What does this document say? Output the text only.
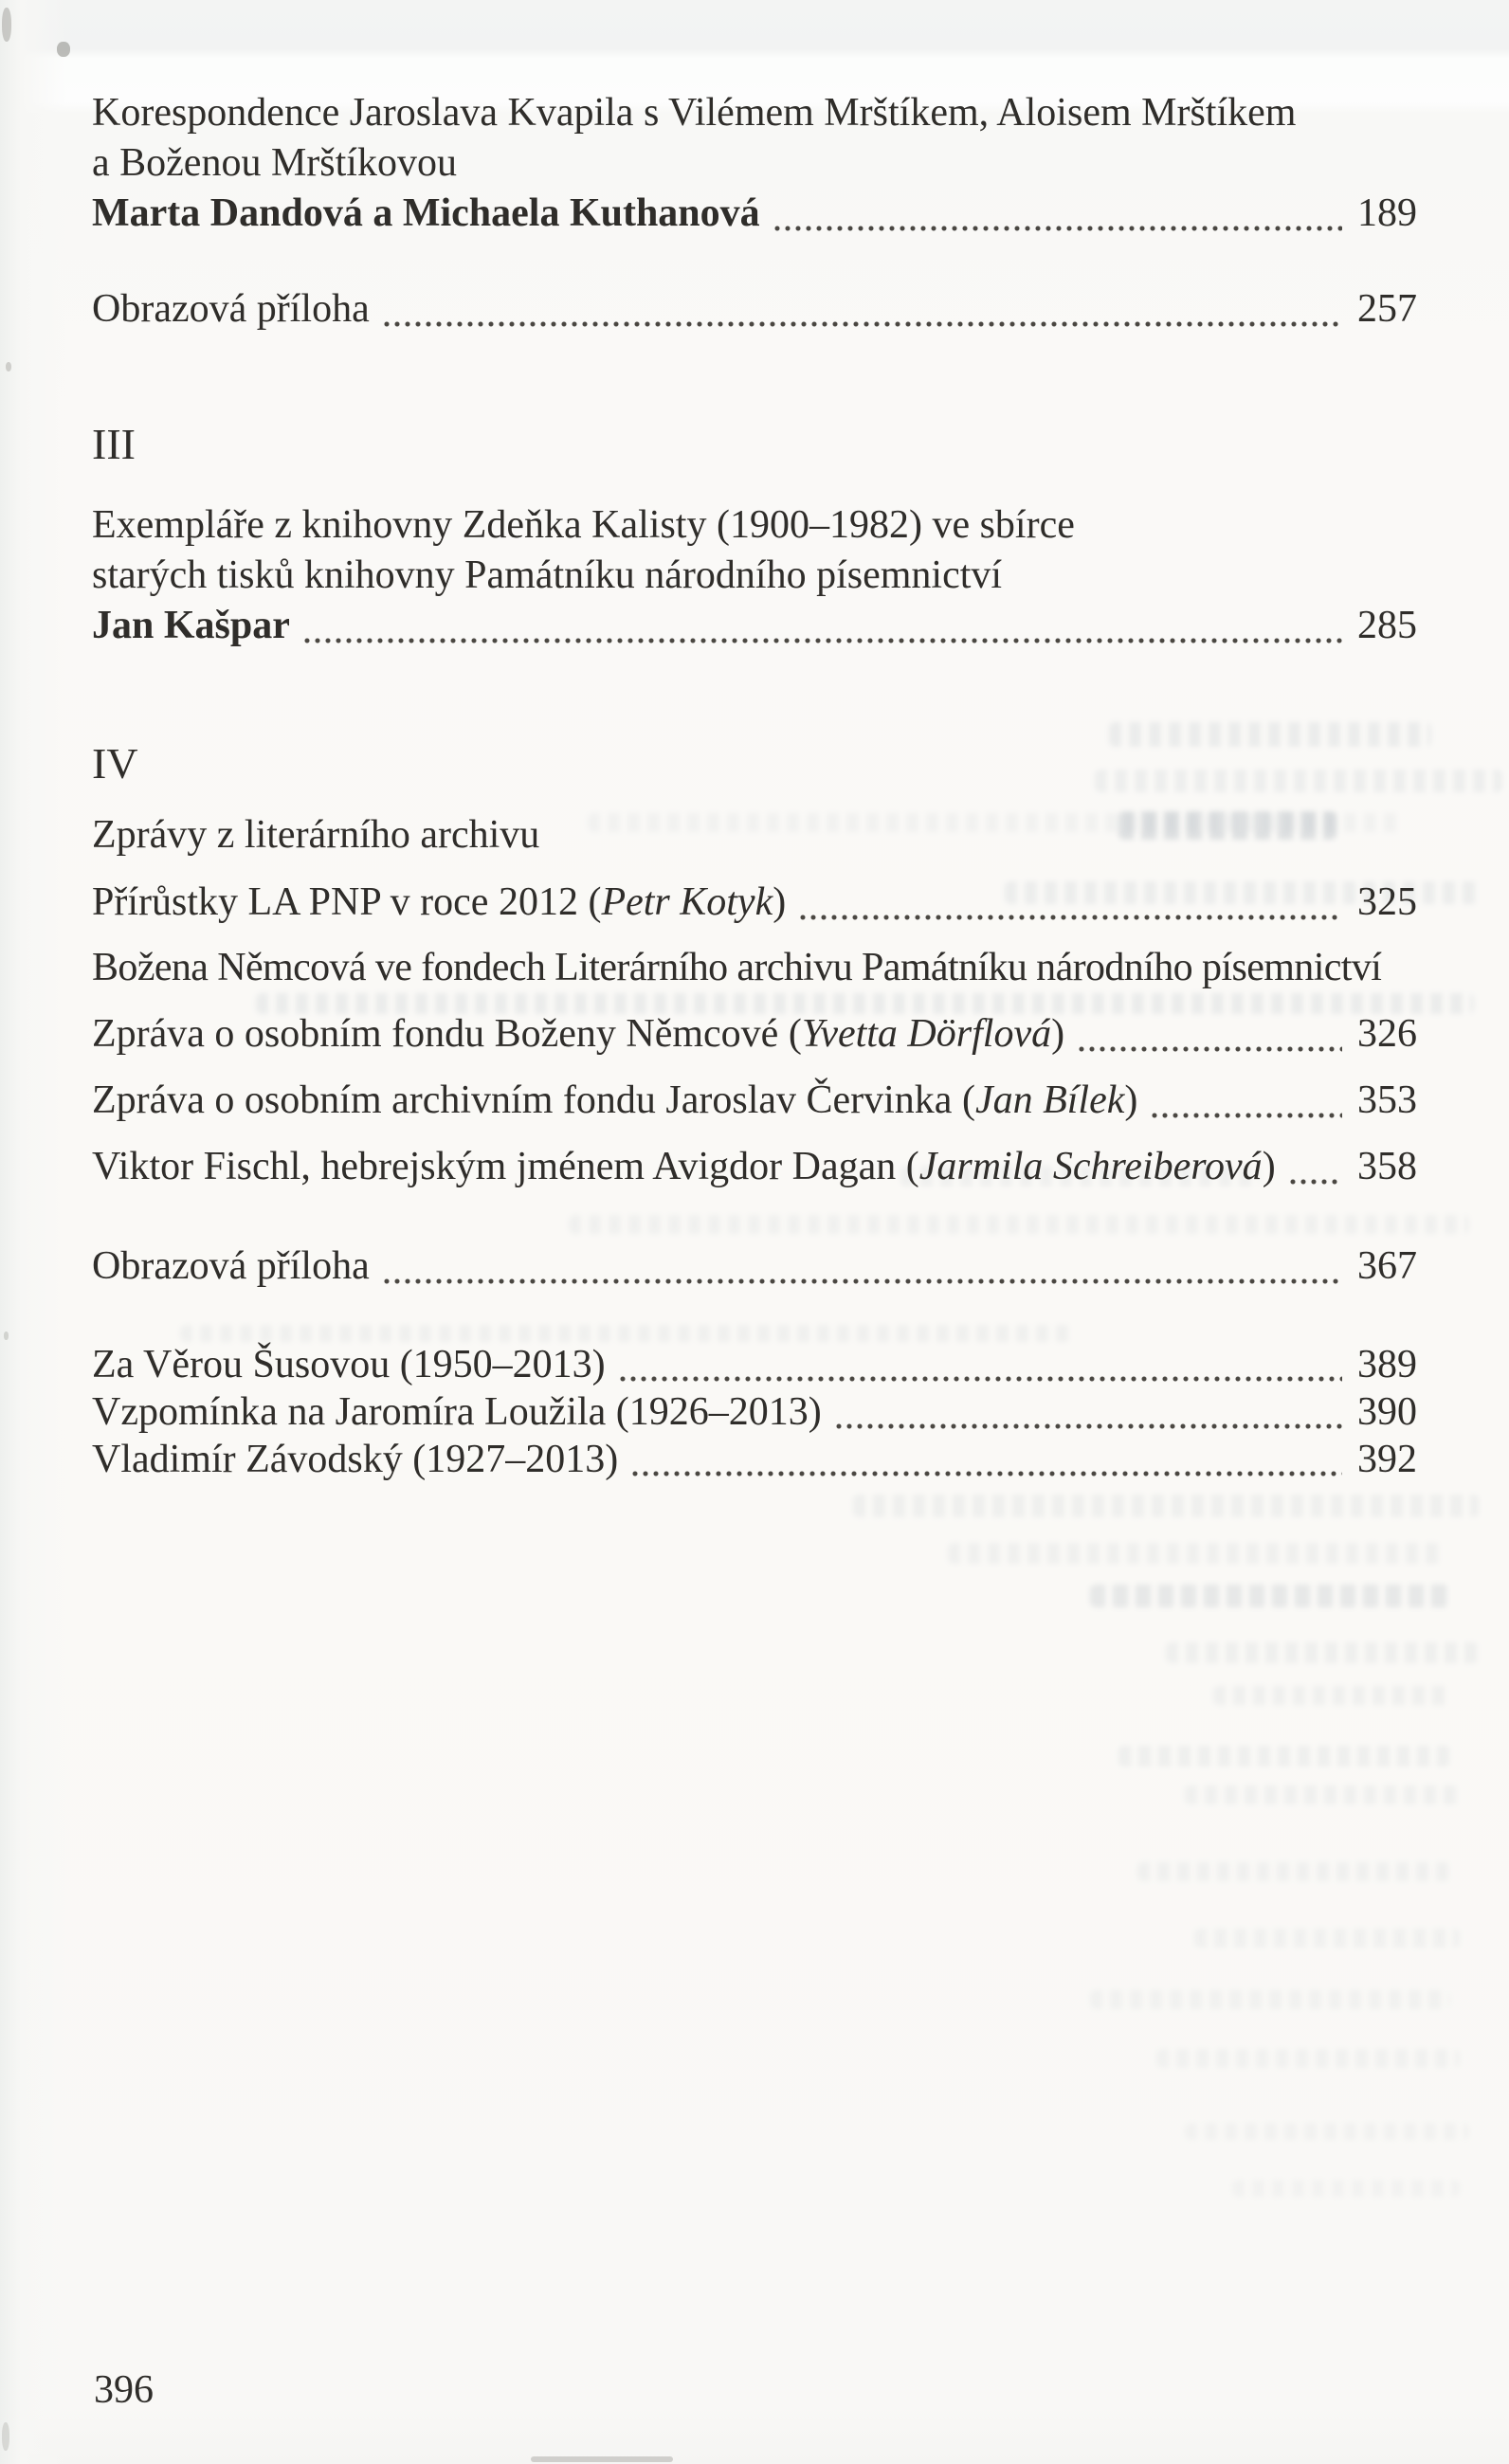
Korespondence Jaroslava Kvapila s Vilémem Mrštíkem, Aloisem Mrštíkem
a Boženou Mrštíkovou
Marta Dandová a Michaela Kuthanová	189
Obrazová příloha	257
III
Exempláře z knihovny Zdeňka Kalisty (1900–1982) ve sbírce
starých tisků knihovny Památníku národního písemnictví
Jan Kašpar	285
IV
Zprávy z literárního archivu
Přírůstky LA PNP v roce 2012 (Petr Kotyk)	325
Božena Němcová ve fondech Literárního archivu Památníku národního písemnictví
Zpráva o osobním fondu Boženy Němcové (Yvetta Dörflová)	326
Zpráva o osobním archivním fondu Jaroslav Červinka (Jan Bílek)	353
Viktor Fischl, hebrejským jménem Avigdor Dagan (Jarmila Schreiberová) 358
Obrazová příloha	367
Za Věrou Šusovou (1950–2013)	389
Vzpomínka na Jaromíra Loužila (1926–2013)	390
Vladimír Závodský (1927–2013)	392
396
